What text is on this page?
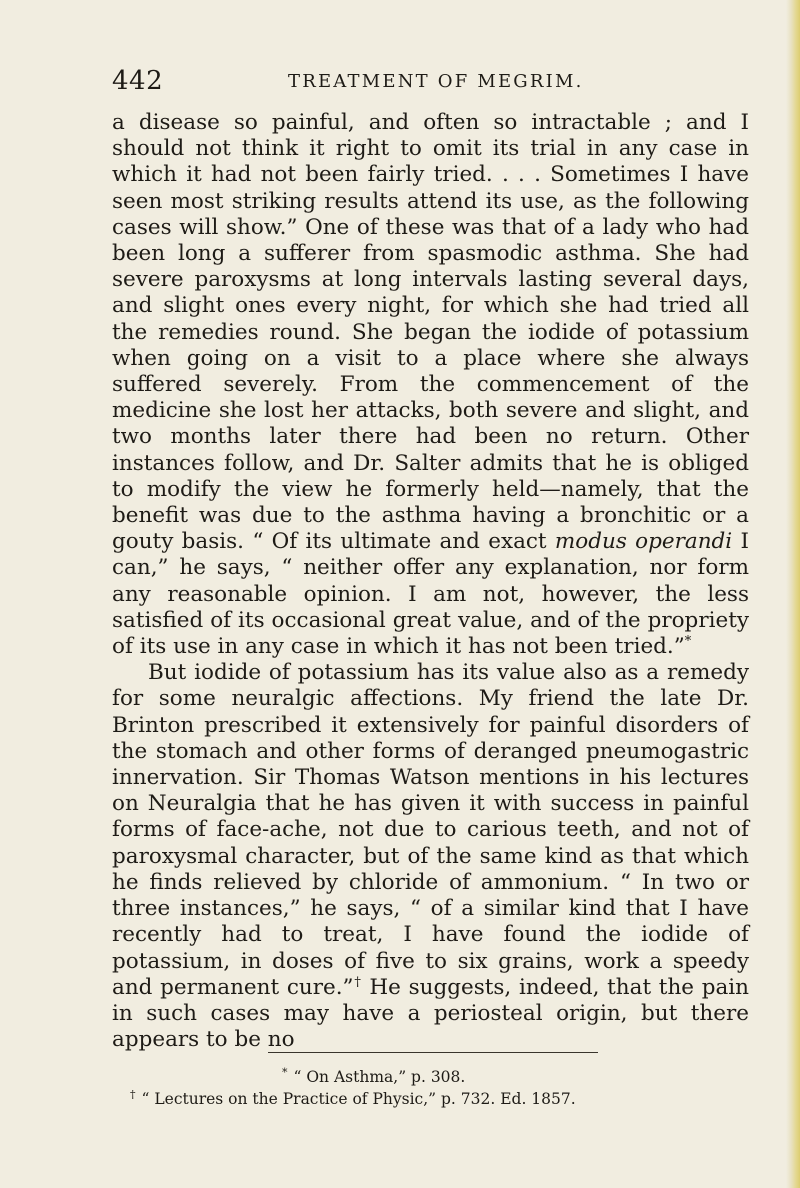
442	TREATMENT OF MEGRIM.

a disease so painful, and often so intractable ; and I should not think it right to omit its trial in any case in which it had not been fairly tried. . . . Sometimes I have seen most striking results attend its use, as the following cases will show.” One of these was that of a lady who had been long a sufferer from spasmodic asthma. She had severe paroxysms at long intervals lasting several days, and slight ones every night, for which she had tried all the remedies round. She began the iodide of potassium when going on a visit to a place where she always suffered severely. From the commencement of the medicine she lost her attacks, both severe and slight, and two months later there had been no return. Other instances follow, and Dr. Salter admits that he is obliged to modify the view he formerly held—namely, that the benefit was due to the asthma having a bronchitic or a gouty basis. “ Of its ultimate and exact modus operandi I can,” he says, “ neither offer any explanation, nor form any reasonable opinion. I am not, however, the less satisfied of its occasional great value, and of the propriety of its use in any case in which it has not been tried.”*

But iodide of potassium has its value also as a remedy for some neuralgic affections. My friend the late Dr. Brinton prescribed it extensively for painful disorders of the stomach and other forms of deranged pneumogastric innervation. Sir Thomas Watson mentions in his lectures on Neuralgia that he has given it with success in painful forms of face-ache, not due to carious teeth, and not of paroxysmal character, but of the same kind as that which he finds relieved by chloride of ammonium. “ In two or three instances,” he says, “ of a similar kind that I have recently had to treat, I have found the iodide of potassium, in doses of five to six grains, work a speedy and permanent cure.”† He suggests, indeed, that the pain in such cases may have a periosteal origin, but there appears to be no

* “ On Asthma,” p. 308.

† “ Lectures on the Practice of Physic,” p. 732. Ed. 1857.
